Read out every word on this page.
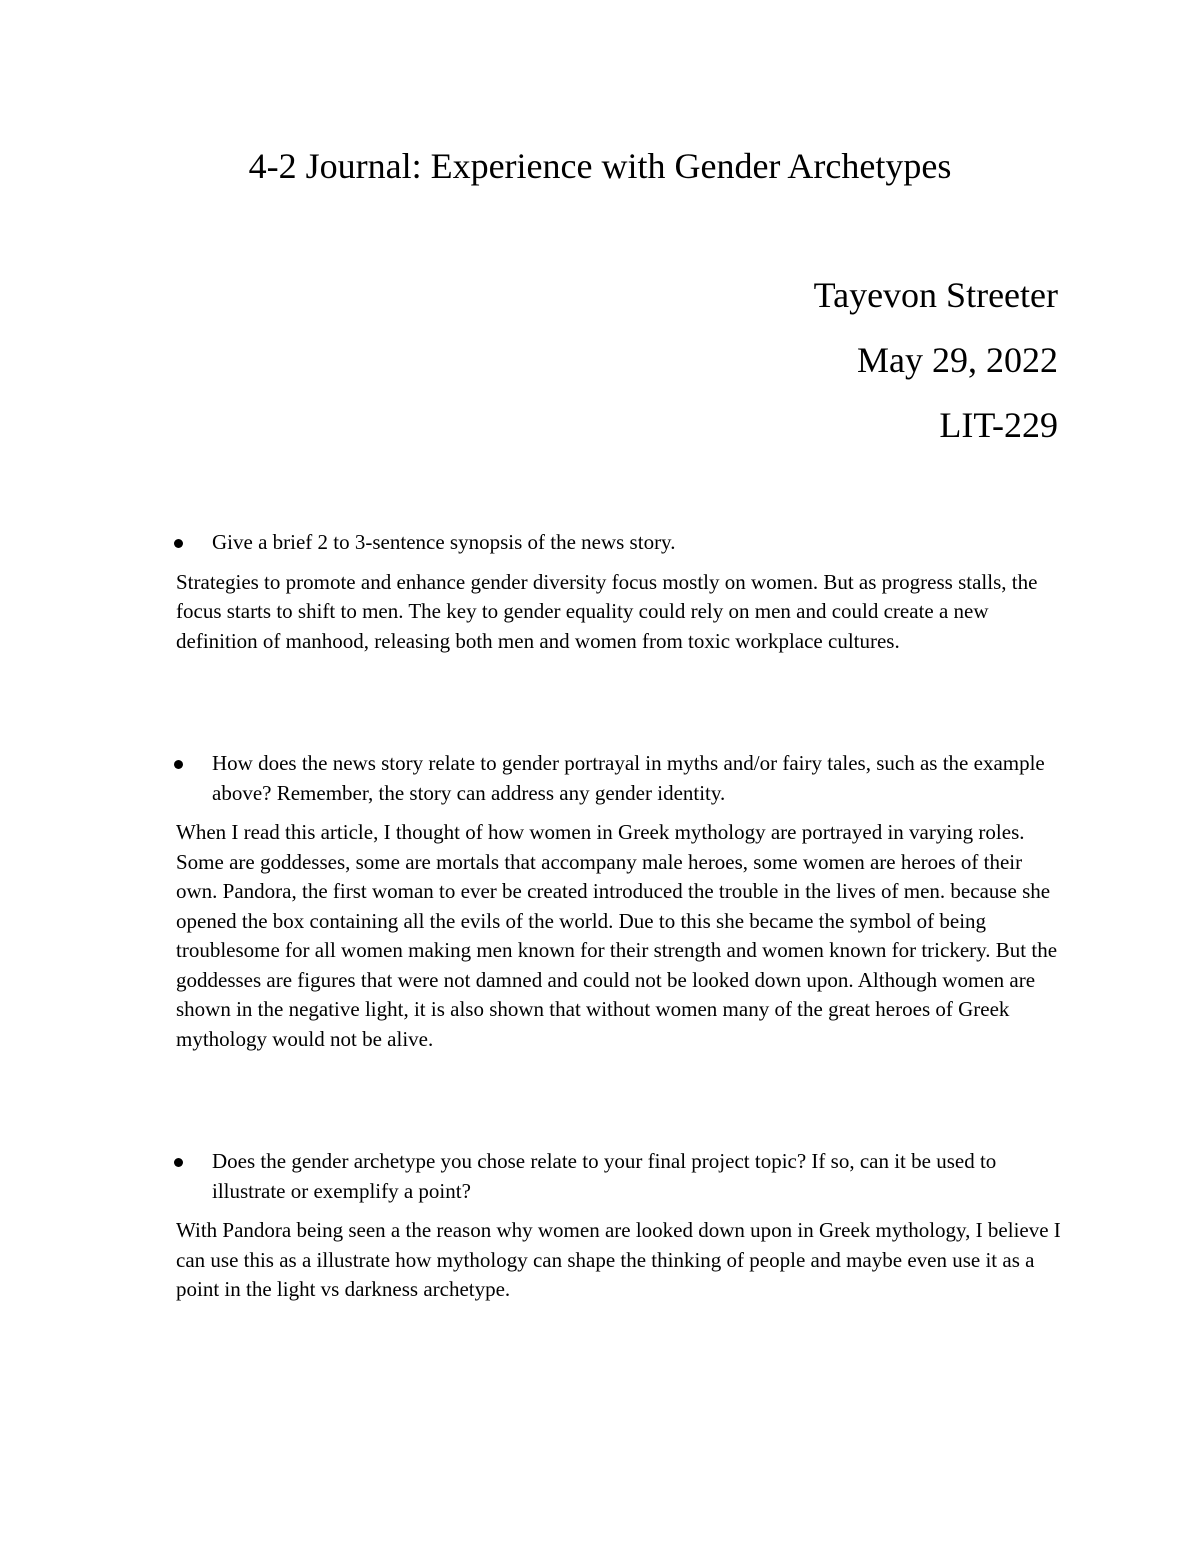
4-2 Journal: Experience with Gender Archetypes

Tayevon Streeter

May 29, 2022

LIT-229

Give a brief 2 to 3-sentence synopsis of the news story.

Strategies to promote and enhance gender diversity focus mostly on women. But as progress stalls, the focus starts to shift to men. The key to gender equality could rely on men and could create a new definition of manhood, releasing both men and women from toxic workplace cultures.

How does the news story relate to gender portrayal in myths and/or fairy tales, such as the example above? Remember, the story can address any gender identity.

When I read this article, I thought of how women in Greek mythology are portrayed in varying roles. Some are goddesses, some are mortals that accompany male heroes, some women are heroes of their own. Pandora, the first woman to ever be created introduced the trouble in the lives of men. because she opened the box containing all the evils of the world. Due to this she became the symbol of being troublesome for all women making men known for their strength and women known for trickery. But the goddesses are figures that were not damned and could not be looked down upon. Although women are shown in the negative light, it is also shown that without women many of the great heroes of Greek mythology would not be alive.

Does the gender archetype you chose relate to your final project topic? If so, can it be used to illustrate or exemplify a point?

With Pandora being seen a the reason why women are looked down upon in Greek mythology, I believe I can use this as a illustrate how mythology can shape the thinking of people and maybe even use it as a point in the light vs darkness archetype.
